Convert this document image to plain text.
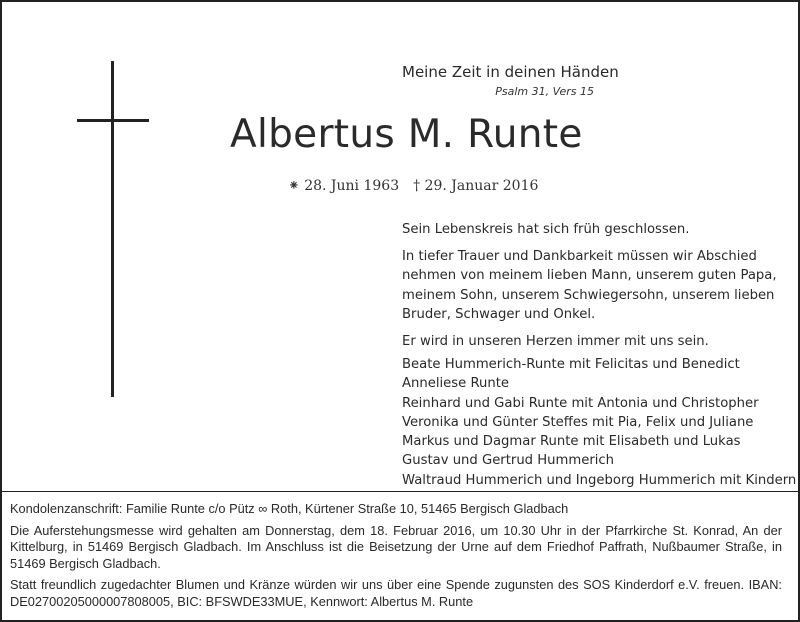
Meine Zeit in deinen Händen
Psalm 31, Vers 15
Albertus M. Runte
⁕ 28. Juni 1963 † 29. Januar 2016

Sein Lebenskreis hat sich früh geschlossen.

In tiefer Trauer und Dankbarkeit müssen wir Abschied
nehmen von meinem lieben Mann, unserem guten Papa,
meinem Sohn, unserem Schwiegersohn, unserem lieben
Bruder, Schwager und Onkel.

Er wird in unseren Herzen immer mit uns sein.

Beate Hummerich-Runte mit Felicitas und Benedict
Anneliese Runte
Reinhard und Gabi Runte mit Antonia und Christopher
Veronika und Günter Steffes mit Pia, Felix und Juliane
Markus und Dagmar Runte mit Elisabeth und Lukas
Gustav und Gertrud Hummerich
Waltraud Hummerich und Ingeborg Hummerich mit Kindern

Kondolenzanschrift: Familie Runte c/o Pütz ∞ Roth, Kürtener Straße 10, 51465 Bergisch Gladbach

Die Auferstehungsmesse wird gehalten am Donnerstag, dem 18. Februar 2016, um 10.30 Uhr in der Pfarrkirche St. Konrad, An der Kittelburg, in 51469 Bergisch Gladbach. Im Anschluss ist die Beisetzung der Urne auf dem Friedhof Paffrath, Nußbaumer Straße, in 51469 Bergisch Gladbach.

Statt freundlich zugedachter Blumen und Kränze würden wir uns über eine Spende zugunsten des SOS Kinderdorf e.V. freuen. IBAN: DE02700205000007808005, BIC: BFSWDE33MUE, Kennwort: Albertus M. Runte
